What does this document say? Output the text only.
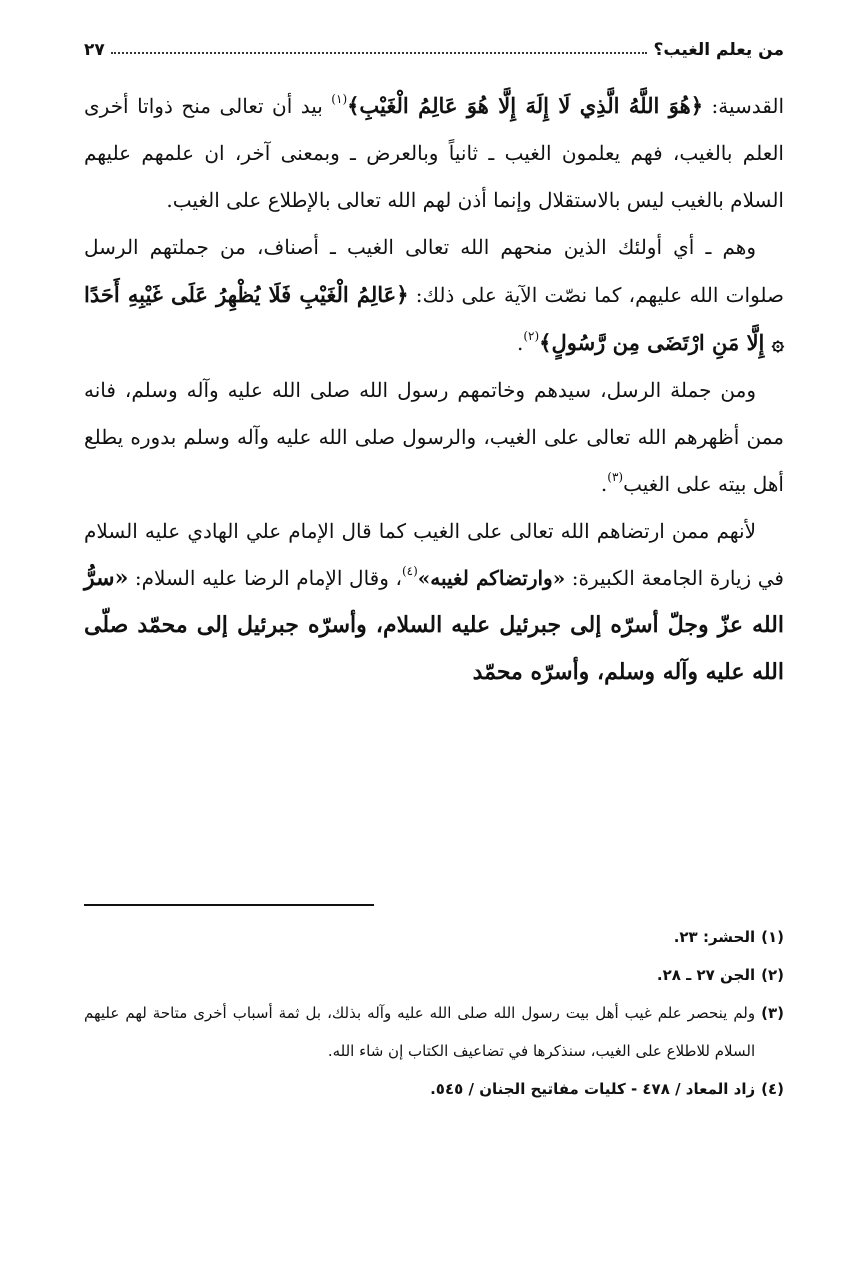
من يعلم الغيب؟
٢٧

القدسية: ﴿هُوَ اللَّهُ الَّذِي لَا إِلَهَ إِلَّا هُوَ عَالِمُ الْغَيْبِ﴾$^{(١)}$ بيد أن تعالى منح ذواتا أخرى العلم بالغيب، فهم يعلمون الغيب ـ ثانياً وبالعرض ـ وبمعنى آخر، ان علمهم عليهم السلام بالغيب ليس بالاستقلال وإنما أذن لهم الله تعالى بالإطلاع على الغيب.

وهم ـ أي أولئك الذين منحهم الله تعالى الغيب ـ أصناف، من جملتهم الرسل صلوات الله عليهم، كما نصّت الآية على ذلك: ﴿عَالِمُ الْغَيْبِ فَلَا يُظْهِرُ عَلَى غَيْبِهِ أَحَدًا ۞ إِلَّا مَنِ ارْتَضَى مِن رَّسُولٍ﴾$^{(٢)}$.

ومن جملة الرسل، سيدهم وخاتمهم رسول الله صلى الله عليه وآله وسلم، فانه ممن أظهرهم الله تعالى على الغيب، والرسول صلى الله عليه وآله وسلم بدوره يطلع أهل بيته على الغيب$^{(٣)}$.

لأنهم ممن ارتضاهم الله تعالى على الغيب كما قال الإمام علي الهادي عليه السلام في زيارة الجامعة الكبيرة: «وارتضاكم لغيبه»$^{(٤)}$، وقال الإمام الرضا عليه السلام: «سرُّ الله عزّ وجلّ أسرّه إلى جبرئيل عليه السلام، وأسرّه جبرئيل إلى محمّد صلّى الله عليه وآله وسلم، وأسرّه محمّد

(١)
الحشر: ٢٣.
(٢)
الجن ٢٧ ـ ٢٨.
(٣)
ولم ينحصر علم غيب أهل بيت رسول الله صلى الله عليه وآله بذلك، بل ثمة أسباب أخرى متاحة لهم عليهم السلام للاطلاع على الغيب، سنذكرها في تضاعيف الكتاب إن شاء الله.
(٤)
زاد المعاد / ٤٧٨ - كليات مفاتيح الجنان / ٥٤٥.
